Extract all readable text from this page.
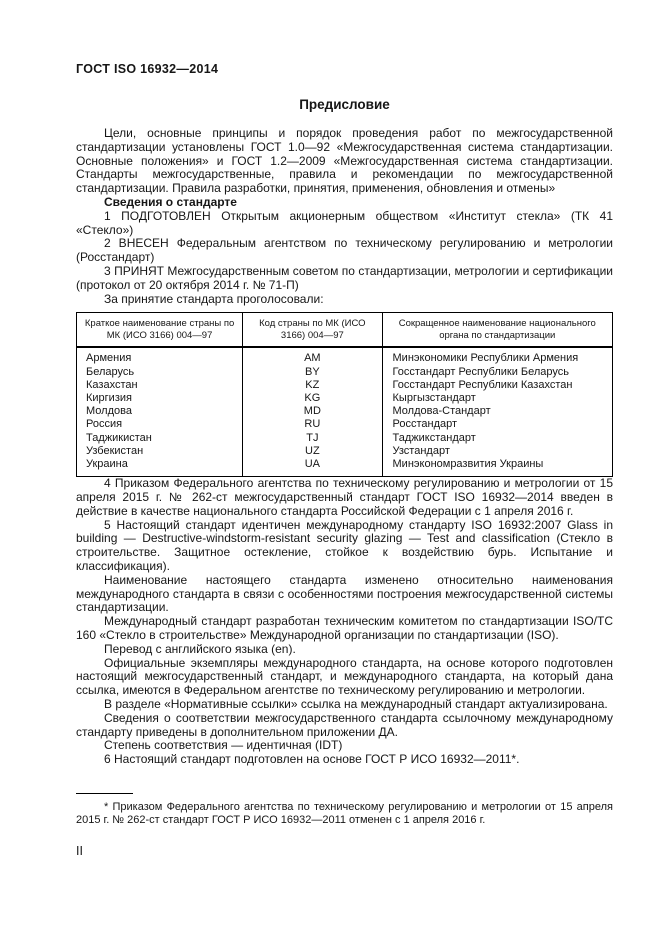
ГОСТ ISO 16932—2014
Предисловие

Цели, основные принципы и порядок проведения работ по межгосударственной стандартизации установлены ГОСТ 1.0—92 «Межгосударственная система стандартизации. Основные положения» и ГОСТ 1.2—2009 «Межгосударственная система стандартизации. Стандарты межгосударственные, правила и рекомендации по межгосударственной стандартизации. Правила разработки, принятия, применения, обновления и отмены»

Сведения о стандарте

1 ПОДГОТОВЛЕН Открытым акционерным обществом «Институт стекла» (ТК 41 «Стекло»)

2 ВНЕСЕН Федеральным агентством по техническому регулированию и метрологии (Росстандарт)

3 ПРИНЯТ Межгосударственным советом по стандартизации, метрологии и сертификации (протокол от 20 октября 2014 г. № 71-П)

За принятие стандарта проголосовали:

Краткое наименование страны по МК (ИСО 3166) 004—97	Код страны по МК (ИСО 3166) 004—97	Сокращенное наименование национального органа по стандартизации
Армения	AM	Минэкономики Республики Армения
Беларусь	BY	Госстандарт Республики Беларусь
Казахстан	KZ	Госстандарт Республики Казахстан
Киргизия	KG	Кыргызстандарт
Молдова	MD	Молдова-Стандарт
Россия	RU	Росстандарт
Таджикистан	TJ	Таджикстандарт
Узбекистан	UZ	Узстандарт
Украина	UA	Минэкономразвития Украины

4 Приказом Федерального агентства по техническому регулированию и метрологии от 15 апреля 2015 г. № 262-ст межгосударственный стандарт ГОСТ ISO 16932—2014 введен в действие в качестве национального стандарта Российской Федерации с 1 апреля 2016 г.

5 Настоящий стандарт идентичен международному стандарту ISO 16932:2007 Glass in building — Destructive-windstorm-resistant security glazing — Test and classification (Стекло в строительстве. Защитное остекление, стойкое к воздействию бурь. Испытание и классификация).

Наименование настоящего стандарта изменено относительно наименования международного стандарта в связи с особенностями построения межгосударственной системы стандартизации.

Международный стандарт разработан техническим комитетом по стандартизации ISO/TC 160 «Стекло в строительстве» Международной организации по стандартизации (ISO).

Перевод с английского языка (en).

Официальные экземпляры международного стандарта, на основе которого подготовлен настоящий межгосударственный стандарт, и международного стандарта, на который дана ссылка, имеются в Федеральном агентстве по техническому регулированию и метрологии.

В разделе «Нормативные ссылки» ссылка на международный стандарт актуализирована.

Сведения о соответствии межгосударственного стандарта ссылочному международному стандарту приведены в дополнительном приложении ДА.

Степень соответствия — идентичная (IDT)

6 Настоящий стандарт подготовлен на основе ГОСТ Р ИСО 16932—2011*.

* Приказом Федерального агентства по техническому регулированию и метрологии от 15 апреля 2015 г. № 262-ст стандарт ГОСТ Р ИСО 16932—2011 отменен с 1 апреля 2016 г.

II
